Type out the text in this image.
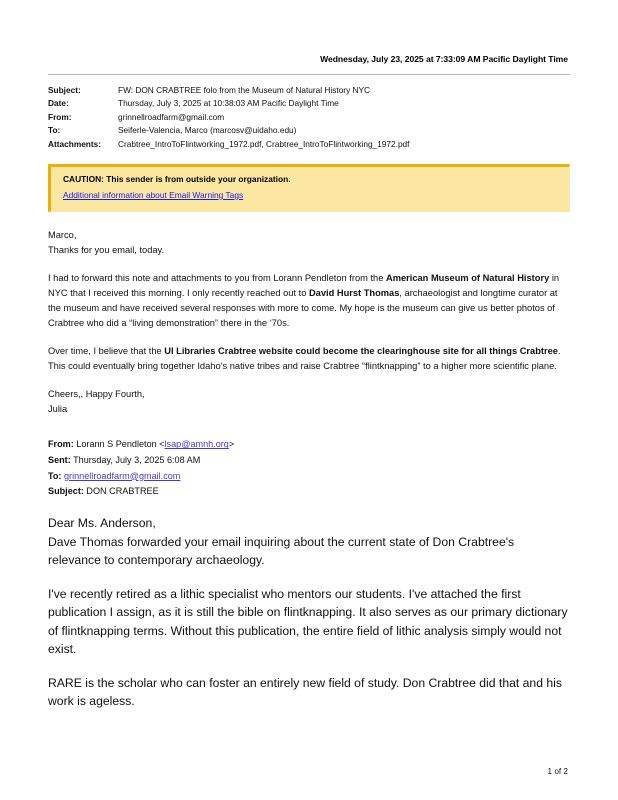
Wednesday, July 23, 2025 at 7:33:09 AM Pacific Daylight Time
Subject:	FW: DON CRABTREE folo from the Museum of Natural History NYC
Date:	Thursday, July 3, 2025 at 10:38:03 AM Pacific Daylight Time
From:	grinnellroadfarm@gmail.com
To:	Seiferle-Valencia, Marco (marcosv@uidaho.edu)
Attachments:	Crabtree_IntroToFlintworking_1972.pdf, Crabtree_IntroToFlintworking_1972.pdf
CAUTION: This sender is from outside your organization.
Additional information about Email Warning Tags

Marco,
Thanks for you email, today.

I had to forward this note and attachments to you from Lorann Pendleton from the American Museum of Natural History in NYC that I received this morning. I only recently reached out to David Hurst Thomas, archaeologist and longtime curator at the museum and have received several responses with more to come. My hope is the museum can give us better photos of Crabtree who did a “living demonstration” there in the ‘70s.

Over time, I believe that the UI Libraries Crabtree website could become the clearinghouse site for all things Crabtree. This could eventually bring together Idaho’s native tribes and raise Crabtree “flintknapping” to a higher more scientific plane.

Cheers,, Happy Fourth,
Julia

From: Lorann S Pendleton <lsap@amnh.org>
Sent: Thursday, July 3, 2025 6:08 AM
To: grinnellroadfarm@gmail.com
Subject: DON CRABTREE

Dear Ms. Anderson,
Dave Thomas forwarded your email inquiring about the current state of Don Crabtree's relevance to contemporary archaeology.

I've recently retired as a lithic specialist who mentors our students. I've attached the first publication I assign, as it is still the bible on flintknapping. It also serves as our primary dictionary of flintknapping terms. Without this publication, the entire field of lithic analysis simply would not exist.

RARE is the scholar who can foster an entirely new field of study. Don Crabtree did that and his work is ageless.

1 of 2
